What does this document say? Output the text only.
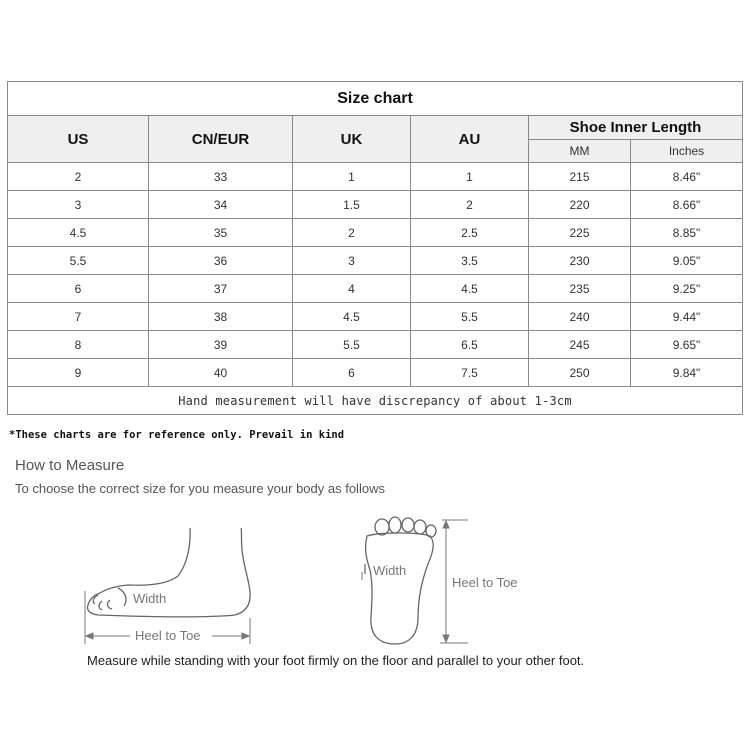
Size chart					
US	CN/EUR	UK	AU	Shoe Inner Length	
				MM	Inches
2	33	1	1	215	8.46"
3	34	1.5	2	220	8.66"
4.5	35	2	2.5	225	8.85"
5.5	36	3	3.5	230	9.05"
6	37	4	4.5	235	9.25"
7	38	4.5	5.5	240	9.44"
8	39	5.5	6.5	245	9.65"
9	40	6	7.5	250	9.84"
Hand measurement will have discrepancy of about 1-3cm					
*These charts are for reference only. Prevail in kind
How to Measure
To choose the correct size for you measure your body as follows
Width
Heel to Toe
Width
Heel to Toe
Measure while standing with your foot firmly on the floor and parallel to your other foot.
